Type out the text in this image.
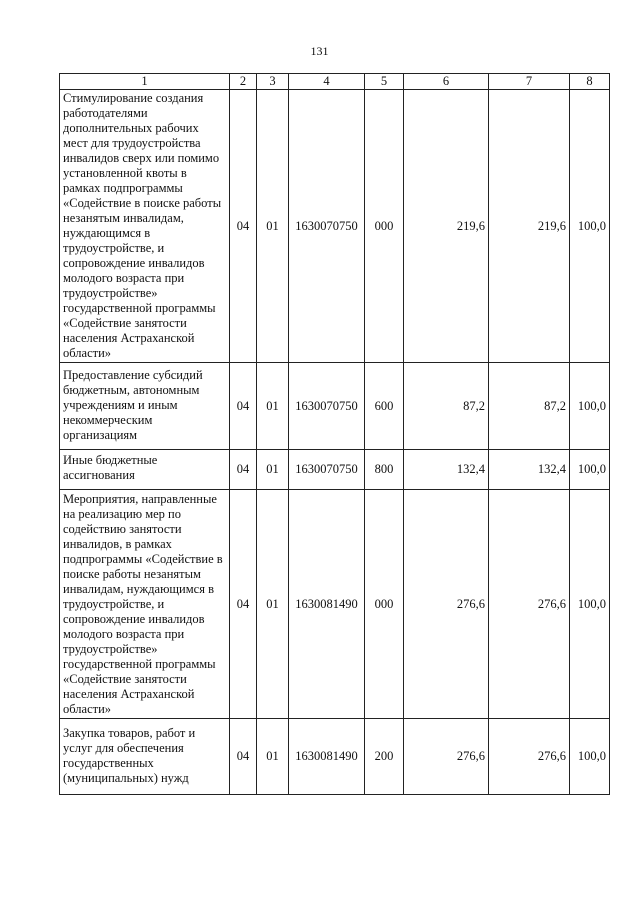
131
1	2	3	4	5	6	7	8
Стимулирование создания работодателями дополнительных рабочих мест для трудоустройства инвалидов сверх или помимо установленной квоты в рамках подпрограммы «Содействие в поиске работы незанятым инвалидам, нуждающимся в трудоустройстве, и сопровождение инвалидов молодого возраста при трудоустройстве» государственной программы «Содействие занятости населения Астраханской области»	04	01	1630070750	000	219,6	219,6	100,0
Предоставление субсидий бюджетным, автономным учреждениям и иным некоммерческим организациям	04	01	1630070750	600	87,2	87,2	100,0
Иные бюджетные ассигнования	04	01	1630070750	800	132,4	132,4	100,0
Мероприятия, направленные на реализацию мер по содействию занятости инвалидов, в рамках подпрограммы «Содействие в поиске работы незанятым инвалидам, нуждающимся в трудоустройстве, и сопровождение инвалидов молодого возраста при трудоустройстве» государственной программы «Содействие занятости населения Астраханской области»	04	01	1630081490	000	276,6	276,6	100,0
Закупка товаров, работ и услуг для обеспечения государственных (муниципальных) нужд	04	01	1630081490	200	276,6	276,6	100,0
